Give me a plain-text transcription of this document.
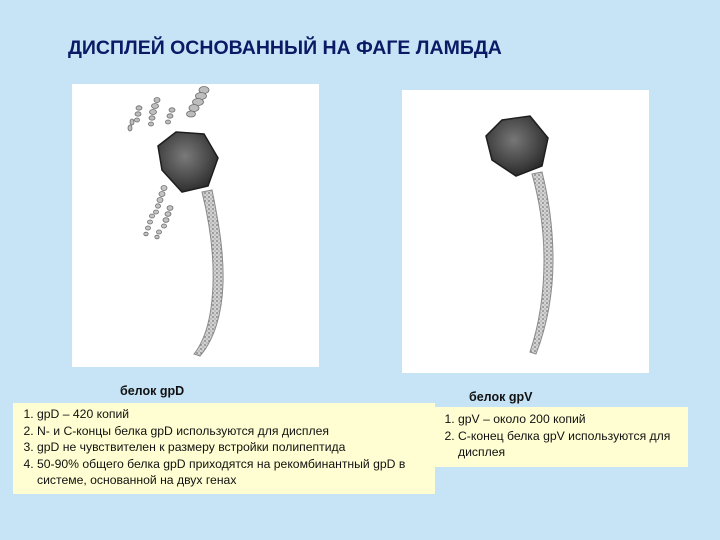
ДИСПЛЕЙ ОСНОВАННЫЙ НА ФАГЕ ЛАМБДА
белок gpD	белок gpV
1. gpD – 420 копий
2. N- и С-концы белка gpD используются для дисплея
3. gpD не чувствителен к размеру встройки полипептида
4. 50-90% общего белка gpD приходятся на рекомбинантный gpD в системе, основанной на двух генах
1. gpV – около 200 копий
2. С-конец белка gpV используются для дисплея
